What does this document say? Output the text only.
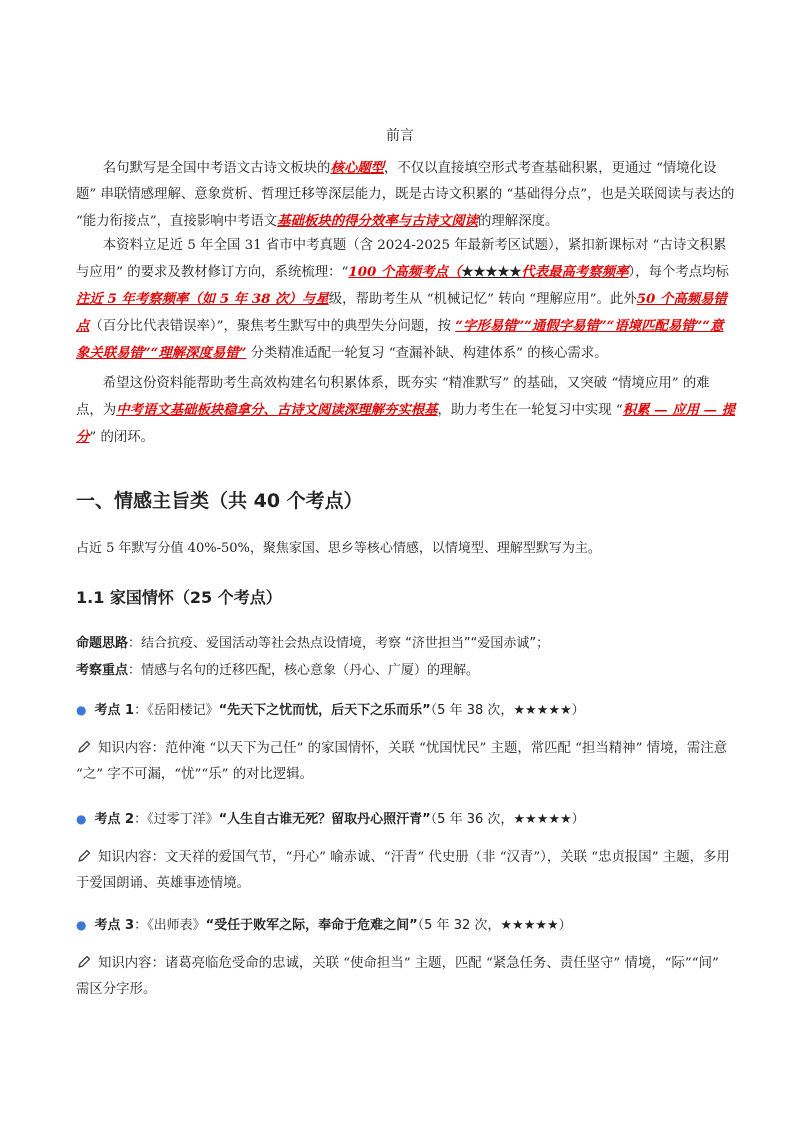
前言

名句默写是全国中考语文古诗文板块的核心题型，不仅以直接填空形式考查基础积累，更通过 “情境化设题” 串联情感理解、意象赏析、哲理迁移等深层能力，既是古诗文积累的 “基础得分点”，也是关联阅读与表达的 “能力衔接点”，直接影响中考语文基础板块的得分效率与古诗文阅读的理解深度。

本资料立足近 5 年全国 31 省市中考真题（含 2024-2025 年最新考区试题），紧扣新课标对 “古诗文积累与应用” 的要求及教材修订方向，系统梳理：“100 个高频考点（★★★★★代表最高考察频率），每个考点均标注近 5 年考察频率（如 5 年 38 次）与星级，帮助考生从 “机械记忆” 转向 “理解应用”。此外50 个高频易错点（百分比代表错误率）”，聚焦考生默写中的典型失分问题，按 “字形易错”“通假字易错”“语境匹配易错”“意象关联易错”“理解深度易错” 分类精准适配一轮复习 “查漏补缺、构建体系” 的核心需求。

希望这份资料能帮助考生高效构建名句积累体系，既夯实 “精准默写” 的基础，又突破 “情境应用” 的难点，为中考语文基础板块稳拿分、古诗文阅读深理解夯实根基，助力考生在一轮复习中实现 “积累 — 应用 — 提分” 的闭环。

一、情感主旨类（共 40 个考点）

占近 5 年默写分值 40%-50%，聚焦家国、思乡等核心情感，以情境型、理解型默写为主。

1.1 家国情怀（25 个考点）

命题思路：结合抗疫、爱国活动等社会热点设情境，考察 “济世担当”“爱国赤诚”；

考察重点：情感与名句的迁移匹配，核心意象（丹心、广厦）的理解。

● 考点 1：《岳阳楼记》“先天下之忧而忧，后天下之乐而乐”（5 年 38 次，★★★★★）

知识内容：范仲淹 “以天下为己任” 的家国情怀，关联 “忧国忧民” 主题，常匹配 “担当精神” 情境，需注意 “之” 字不可漏，“忧”“乐” 的对比逻辑。

● 考点 2：《过零丁洋》“人生自古谁无死？留取丹心照汗青”（5 年 36 次，★★★★★）

知识内容：文天祥的爱国气节，“丹心” 喻赤诚、“汗青” 代史册（非 “汉青”），关联 “忠贞报国” 主题，多用于爱国朗诵、英雄事迹情境。

● 考点 3：《出师表》“受任于败军之际，奉命于危难之间”（5 年 32 次，★★★★★）

知识内容：诸葛亮临危受命的忠诚，关联 “使命担当” 主题，匹配 “紧急任务、责任坚守” 情境，“际”“间” 需区分字形。
